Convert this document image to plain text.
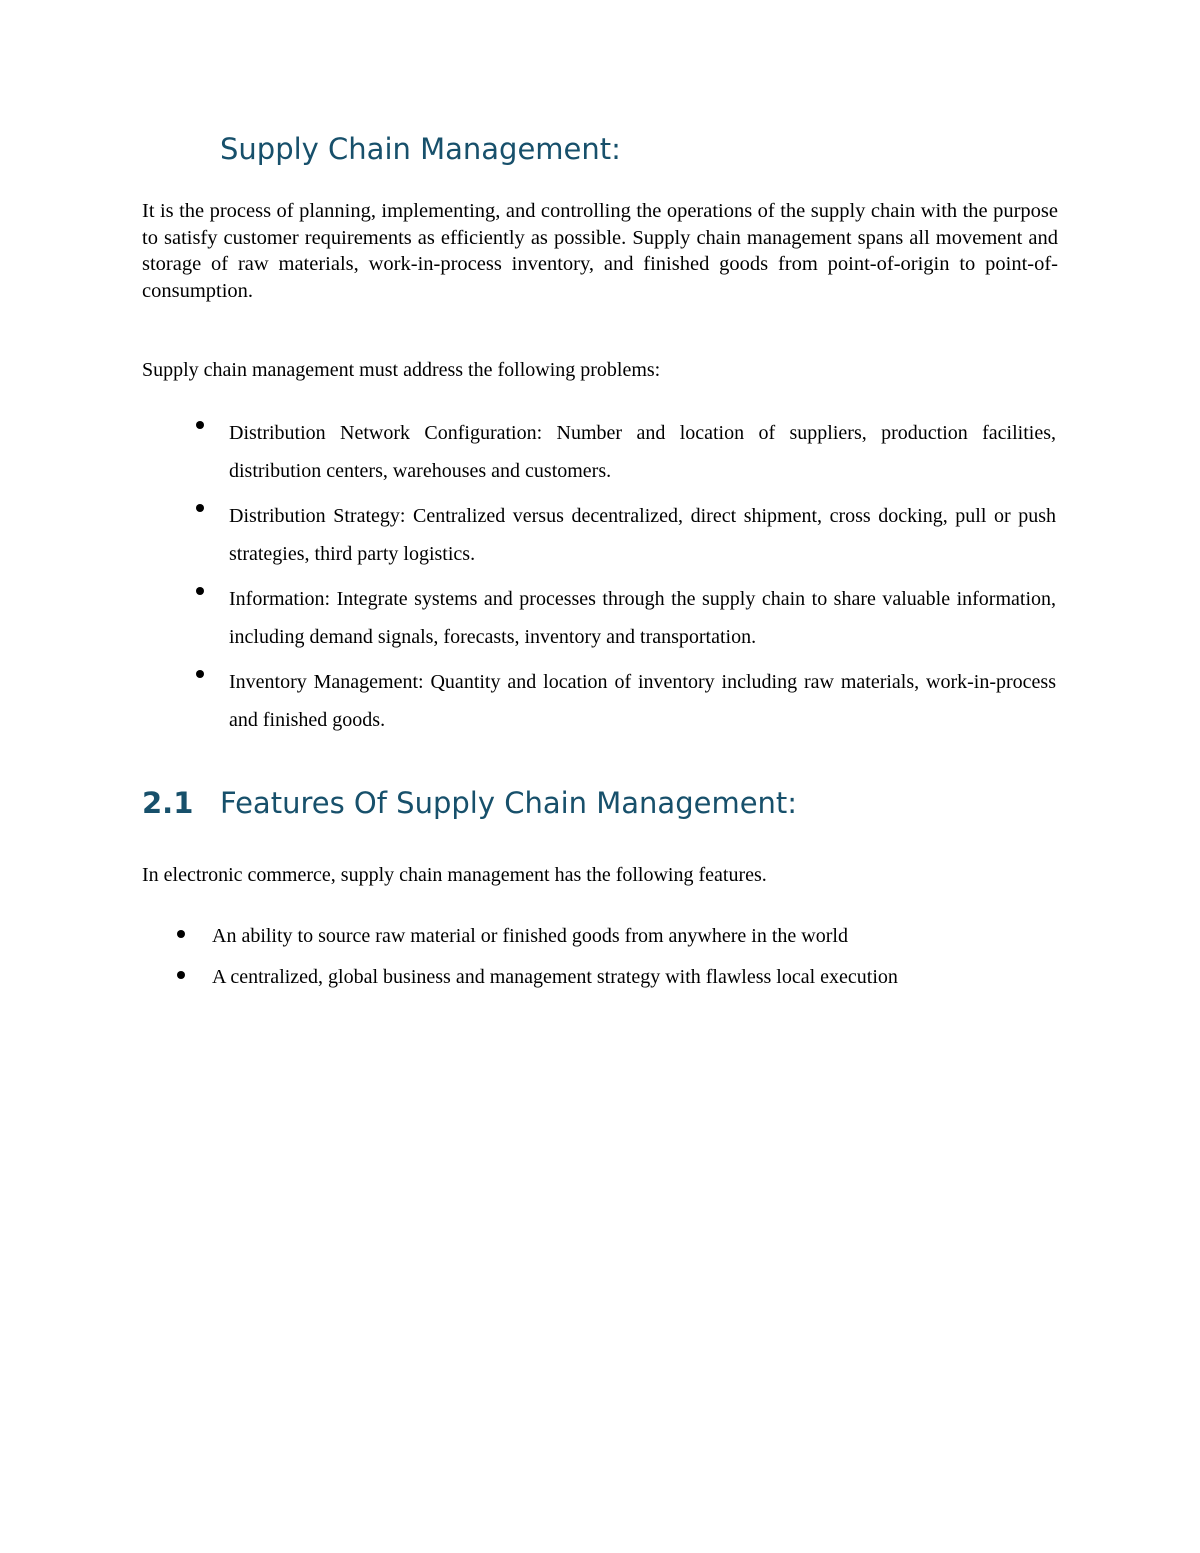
Supply Chain Management:

It is the process of planning, implementing, and controlling the operations of the supply chain with the purpose to satisfy customer requirements as efficiently as possible. Supply chain management spans all movement and storage of raw materials, work-in-process inventory, and finished goods from point-of-origin to point-of-consumption.

Supply chain management must address the following problems:

Distribution Network Configuration: Number and location of suppliers, production facilities, distribution centers, warehouses and customers.
Distribution Strategy: Centralized versus decentralized, direct shipment, cross docking, pull or push strategies, third party logistics.
Information: Integrate systems and processes through the supply chain to share valuable information, including demand signals, forecasts, inventory and transportation.
Inventory Management: Quantity and location of inventory including raw materials, work-in-process and finished goods.
2.1 Features Of Supply Chain Management:

In electronic commerce, supply chain management has the following features.

An ability to source raw material or finished goods from anywhere in the world
A centralized, global business and management strategy with flawless local execution
